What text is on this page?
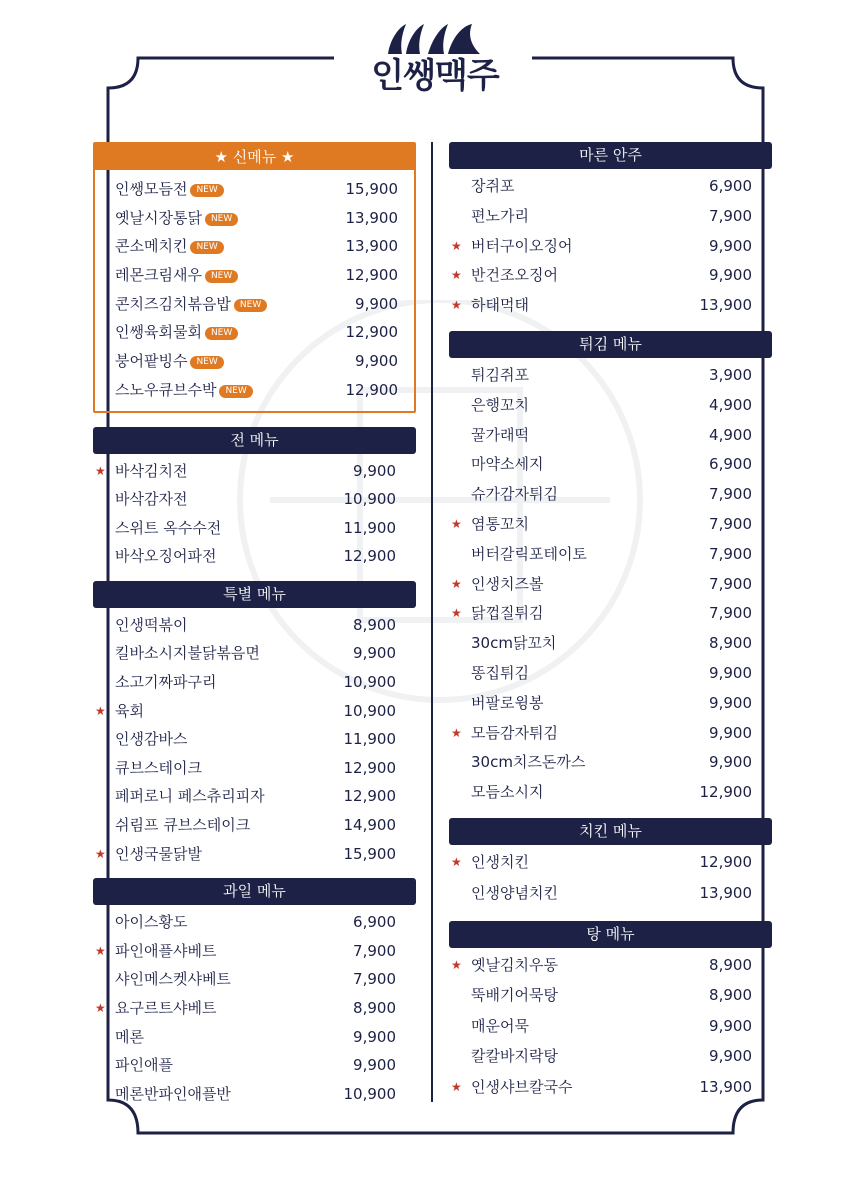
인쌩맥주
★ 신메뉴 ★
인쌩모듬전 NEW	15,900
옛날시장통닭 NEW	13,900
콘소메치킨 NEW	13,900
레몬크림새우 NEW	12,900
콘치즈김치볶음밥 NEW	9,900
인쌩육회물회 NEW	12,900
붕어팥빙수 NEW	9,900
스노우큐브수박 NEW	12,900
전 메뉴
★ 바삭김치전	9,900
바삭감자전	10,900
스위트 옥수수전	11,900
바삭오징어파전	12,900
특별 메뉴
인생떡볶이	8,900
킬바소시지불닭볶음면	9,900
소고기짜파구리	10,900
★ 육회	10,900
인생감바스	11,900
큐브스테이크	12,900
페퍼로니 페스츄리피자	12,900
쉬림프 큐브스테이크	14,900
★ 인생국물닭발	15,900
과일 메뉴
아이스황도	6,900
★ 파인애플샤베트	7,900
샤인메스켓샤베트	7,900
★ 요구르트샤베트	8,900
메론	9,900
파인애플	9,900
메론반파인애플반	10,900
마른 안주
장쥐포	6,900
편노가리	7,900
★ 버터구이오징어	9,900
★ 반건조오징어	9,900
★ 하태먹태	13,900
튀김 메뉴
튀김쥐포	3,900
은행꼬치	4,900
꿀가래떡	4,900
마약소세지	6,900
슈가감자튀김	7,900
★ 염통꼬치	7,900
버터갈릭포테이토	7,900
★ 인생치즈볼	7,900
★ 닭껍질튀김	7,900
30cm닭꼬치	8,900
똥집튀김	9,900
버팔로윙봉	9,900
★ 모듬감자튀김	9,900
30cm치즈돈까스	9,900
모듬소시지	12,900
치킨 메뉴
★ 인생치킨	12,900
인생양념치킨	13,900
탕 메뉴
★ 옛날김치우동	8,900
뚝배기어묵탕	8,900
매운어묵	9,900
칼칼바지락탕	9,900
★ 인생샤브칼국수	13,900
